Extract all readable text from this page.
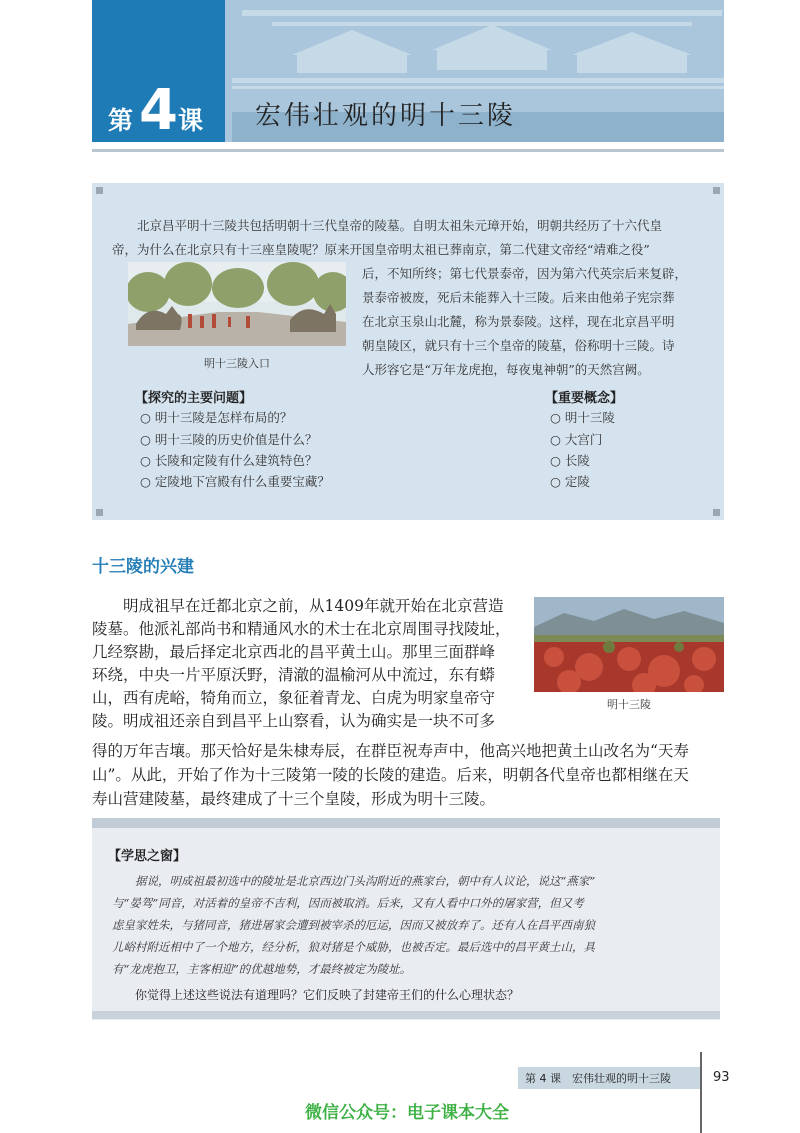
第 4 课 宏伟壮观的明十三陵
北京昌平明十三陵共包括明朝十三代皇帝的陵墓。自明太祖朱元璋开始，明朝共经历了十六代皇
帝，为什么在北京只有十三座皇陵呢？原来开国皇帝明太祖已葬南京，第二代建文帝经“靖难之役”
后，不知所终；第七代景泰帝，因为第六代英宗后来复辟，
景泰帝被废，死后未能葬入十三陵。后来由他弟子宪宗葬
在北京玉泉山北麓，称为景泰陵。这样，现在北京昌平明
朝皇陵区，就只有十三个皇帝的陵墓，俗称明十三陵。诗
人形容它是“万年龙虎抱，每夜鬼神朝”的天然宫阙。
明十三陵入口
【探究的主要问题】
○ 明十三陵是怎样布局的？
○ 明十三陵的历史价值是什么？
○ 长陵和定陵有什么建筑特色？
○ 定陵地下宫殿有什么重要宝藏？
【重要概念】
○ 明十三陵
○ 大宫门
○ 长陵
○ 定陵
十三陵的兴建
　　明成祖早在迁都北京之前，从1409年就开始在北京营造
陵墓。他派礼部尚书和精通风水的术士在北京周围寻找陵址，
几经察勘，最后择定北京西北的昌平黄土山。那里三面群峰
环绕，中央一片平原沃野，清澈的温榆河从中流过，东有蟒
山，西有虎峪，犄角而立，象征着青龙、白虎为明家皇帝守
陵。明成祖还亲自到昌平上山察看，认为确实是一块不可多
得的万年吉壤。那天恰好是朱棣寿辰，在群臣祝寿声中，他高兴地把黄土山改名为“天寿
山”。从此，开始了作为十三陵第一陵的长陵的建造。后来，明朝各代皇帝也都相继在天
寿山营建陵墓，最终建成了十三个皇陵，形成为明十三陵。
明十三陵
【学思之窗】
　　据说，明成祖最初选中的陵址是北京西边门头沟附近的燕家台，朝中有人议论，说这“燕家”
与“晏驾”同音，对活着的皇帝不吉利，因而被取消。后来，又有人看中口外的屠家营，但又考
虑皇家姓朱，与猪同音，猪进屠家会遭到被宰杀的厄运，因而又被放弃了。还有人在昌平西南狼
儿峪村附近相中了一个地方，经分析，狼对猪是个威胁，也被否定。最后选中的昌平黄土山，具
有“龙虎抱卫，主客相迎”的优越地势，才最终被定为陵址。
你觉得上述这些说法有道理吗？它们反映了封建帝王们的什么心理状态？
第 4 课　宏伟壮观的明十三陵	93
微信公众号：电子课本大全
